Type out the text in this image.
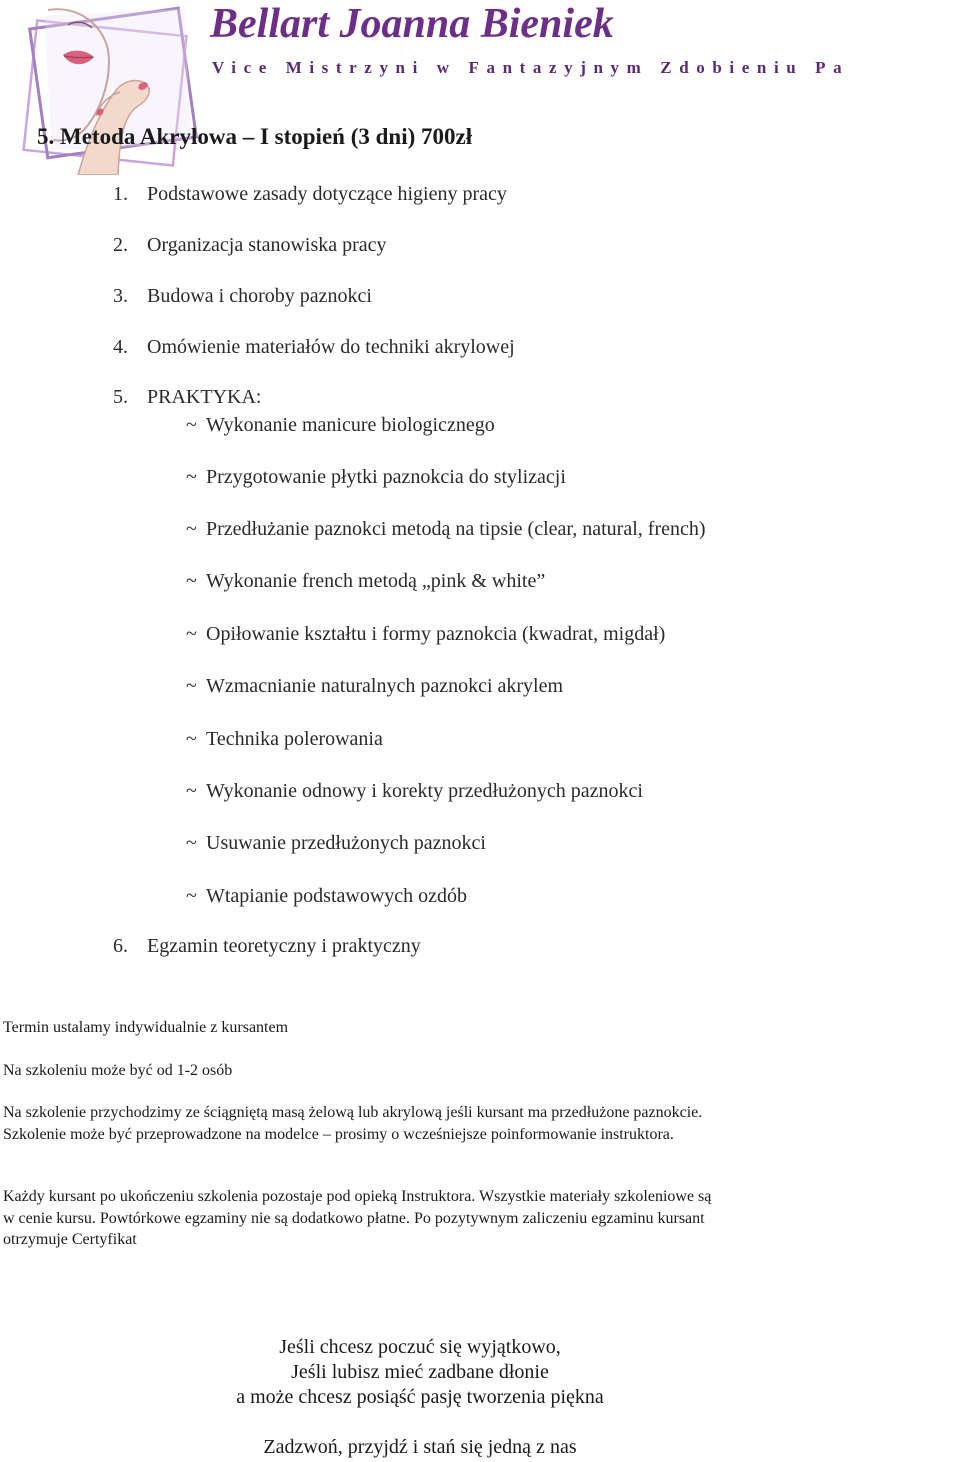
Bellart Joanna Bieniek
Vice Mistrzyni w Fantazyjnym Zdobieniu Pa
5. Metoda Akrylowa – I stopień (3 dni) 700zł
1. Podstawowe zasady dotyczące higieny pracy
2. Organizacja stanowiska pracy
3. Budowa i choroby paznokci
4. Omówienie materiałów do techniki akrylowej
5. PRAKTYKA:
~ Wykonanie manicure biologicznego
~ Przygotowanie płytki paznokcia do stylizacji
~ Przedłużanie paznokci metodą na tipsie (clear, natural, french)
~ Wykonanie french metodą „pink & white”
~ Opiłowanie kształtu i formy paznokcia (kwadrat, migdał)
~ Wzmacnianie naturalnych paznokci akrylem
~ Technika polerowania
~ Wykonanie odnowy i korekty przedłużonych paznokci
~ Usuwanie przedłużonych paznokci
~ Wtapianie podstawowych ozdób
6. Egzamin teoretyczny i praktyczny
Termin ustalamy indywidualnie z kursantem
Na szkoleniu może być od 1-2 osób
Na szkolenie przychodzimy ze ściągniętą masą żelową lub akrylową jeśli kursant ma przedłużone paznokcie.
Szkolenie może być przeprowadzone na modelce – prosimy o wcześniejsze poinformowanie instruktora.
Każdy kursant po ukończeniu szkolenia pozostaje pod opieką Instruktora. Wszystkie materiały szkoleniowe są
w cenie kursu. Powtórkowe egzaminy nie są dodatkowo płatne. Po pozytywnym zaliczeniu egzaminu kursant
otrzymuje Certyfikat
Jeśli chcesz poczuć się wyjątkowo,
Jeśli lubisz mieć zadbane dłonie
a może chcesz posiąść pasję tworzenia piękna
Zadzwoń, przyjdź i stań się jedną z nas
